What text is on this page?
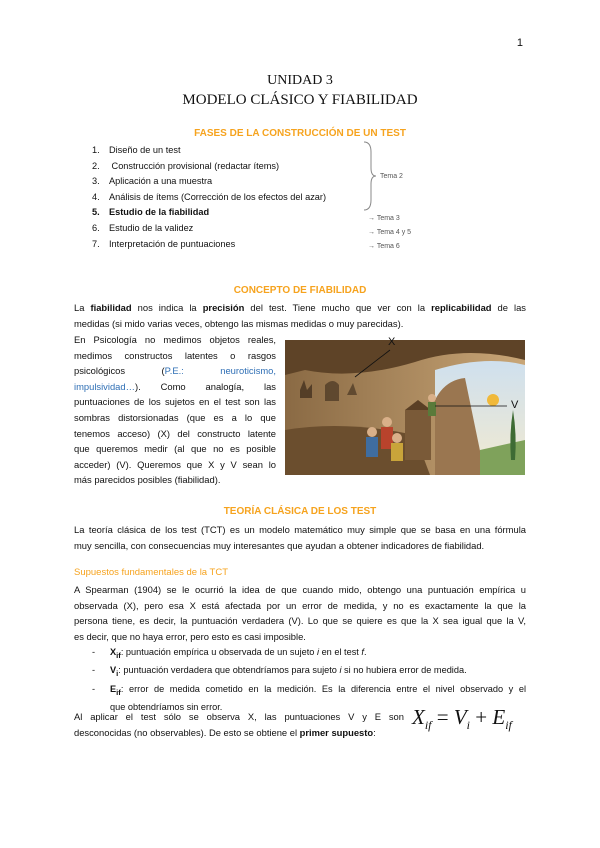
1
UNIDAD 3
MODELO CLÁSICO Y FIABILIDAD
FASES DE LA CONSTRUCCIÓN DE UN TEST
1. Diseño de un test
2. Construcción provisional (redactar ítems)
3. Aplicación a una muestra
4. Análisis de ítems (Corrección de los efectos del azar)
5. Estudio de la fiabilidad
6. Estudio de la validez
7. Interpretación de puntuaciones
Tema 2
→ Tema 3
→ Tema 4 y 5
→ Tema 6
CONCEPTO DE FIABILIDAD
La fiabilidad nos indica la precisión del test. Tiene mucho que ver con la replicabilidad de las
medidas (si mido varias veces, obtengo las mismas medidas o muy parecidas).
En Psicología no medimos objetos reales,
medimos constructos latentes o rasgos
psicológicos (P.E.: neuroticismo,
impulsividad…). Como analogía, las
puntuaciones de los sujetos en el test son las
sombras distorsionadas (que es a lo que
tenemos acceso) (X) del constructo latente
que queremos medir (al que no es posible
acceder) (V). Queremos que X y V sean lo
más parecidos posibles (fiabilidad).
X
V
TEORÍA CLÁSICA DE LOS TEST
La teoría clásica de los test (TCT) es un modelo matemático muy simple que se basa en una fórmula
muy sencilla, con consecuencias muy interesantes que ayudan a obtener indicadores de fiabilidad.
Supuestos fundamentales de la TCT
A Spearman (1904) se le ocurrió la idea de que cuando mido, obtengo una puntuación empírica u
observada (X), pero esa X está afectada por un error de medida, y no es exactamente la que la
persona tiene, es decir, la puntuación verdadera (V). Lo que se quiere es que la X sea igual que la V,
es decir, que no haya error, pero esto es casi imposible.
- $X_{if}$: puntuación empírica u observada de un sujeto i en el test f.
- $V_i$: puntuación verdadera que obtendríamos para sujeto i si no hubiera error de medida.
- $E_{if}$: error de medida cometido en la medición. Es la diferencia entre el nivel observado y el
que obtendríamos sin error.
Al aplicar el test sólo se observa X, las puntuaciones V y E son
desconocidas (no observables). De esto se obtiene el primer supuesto:
$X_{if} = V_i + E_{if}$
